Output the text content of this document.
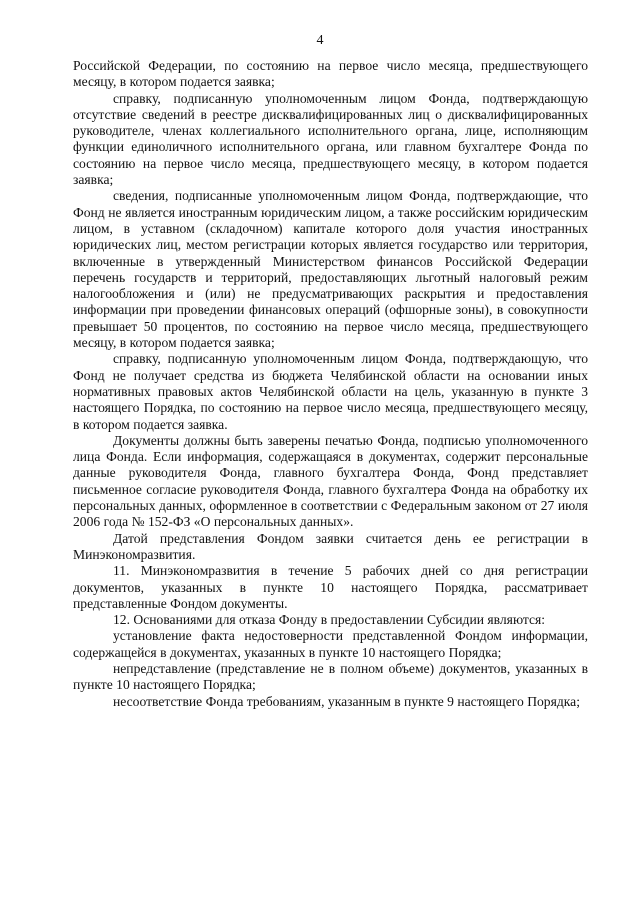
4

Российской Федерации, по состоянию на первое число месяца, предшествующего месяцу, в котором подается заявка;

справку, подписанную уполномоченным лицом Фонда, подтверждающую отсутствие сведений в реестре дисквалифицированных лиц о дисквалифицированных руководителе, членах коллегиального исполнительного органа, лице, исполняющим функции единоличного исполнительного органа, или главном бухгалтере Фонда по состоянию на первое число месяца, предшествующего месяцу, в котором подается заявка;

сведения, подписанные уполномоченным лицом Фонда, подтверждающие, что Фонд не является иностранным юридическим лицом, а также российским юридическим лицом, в уставном (складочном) капитале которого доля участия иностранных юридических лиц, местом регистрации которых является государство или территория, включенные в утвержденный Министерством финансов Российской Федерации перечень государств и территорий, предоставляющих льготный налоговый режим налогообложения и (или) не предусматривающих раскрытия и предоставления информации при проведении финансовых операций (офшорные зоны), в совокупности превышает 50 процентов, по состоянию на первое число месяца, предшествующего месяцу, в котором подается заявка;

справку, подписанную уполномоченным лицом Фонда, подтверждающую, что Фонд не получает средства из бюджета Челябинской области на основании иных нормативных правовых актов Челябинской области на цель, указанную в пункте 3 настоящего Порядка, по состоянию на первое число месяца, предшествующего месяцу, в котором подается заявка.

Документы должны быть заверены печатью Фонда, подписью уполномоченного лица Фонда. Если информация, содержащаяся в документах, содержит персональные данные руководителя Фонда, главного бухгалтера Фонда, Фонд представляет письменное согласие руководителя Фонда, главного бухгалтера Фонда на обработку их персональных данных, оформленное в соответствии с Федеральным законом от 27 июля 2006 года № 152-ФЗ «О персональных данных».

Датой представления Фондом заявки считается день ее регистрации в Минэкономразвития.

11. Минэкономразвития в течение 5 рабочих дней со дня регистрации документов, указанных в пункте 10 настоящего Порядка, рассматривает представленные Фондом документы.

12. Основаниями для отказа Фонду в предоставлении Субсидии являются:

установление факта недостоверности представленной Фондом информации, содержащейся в документах, указанных в пункте 10 настоящего Порядка;

непредставление (представление не в полном объеме) документов, указанных в пункте 10 настоящего Порядка;

несоответствие Фонда требованиям, указанным в пункте 9 настоящего Порядка;
